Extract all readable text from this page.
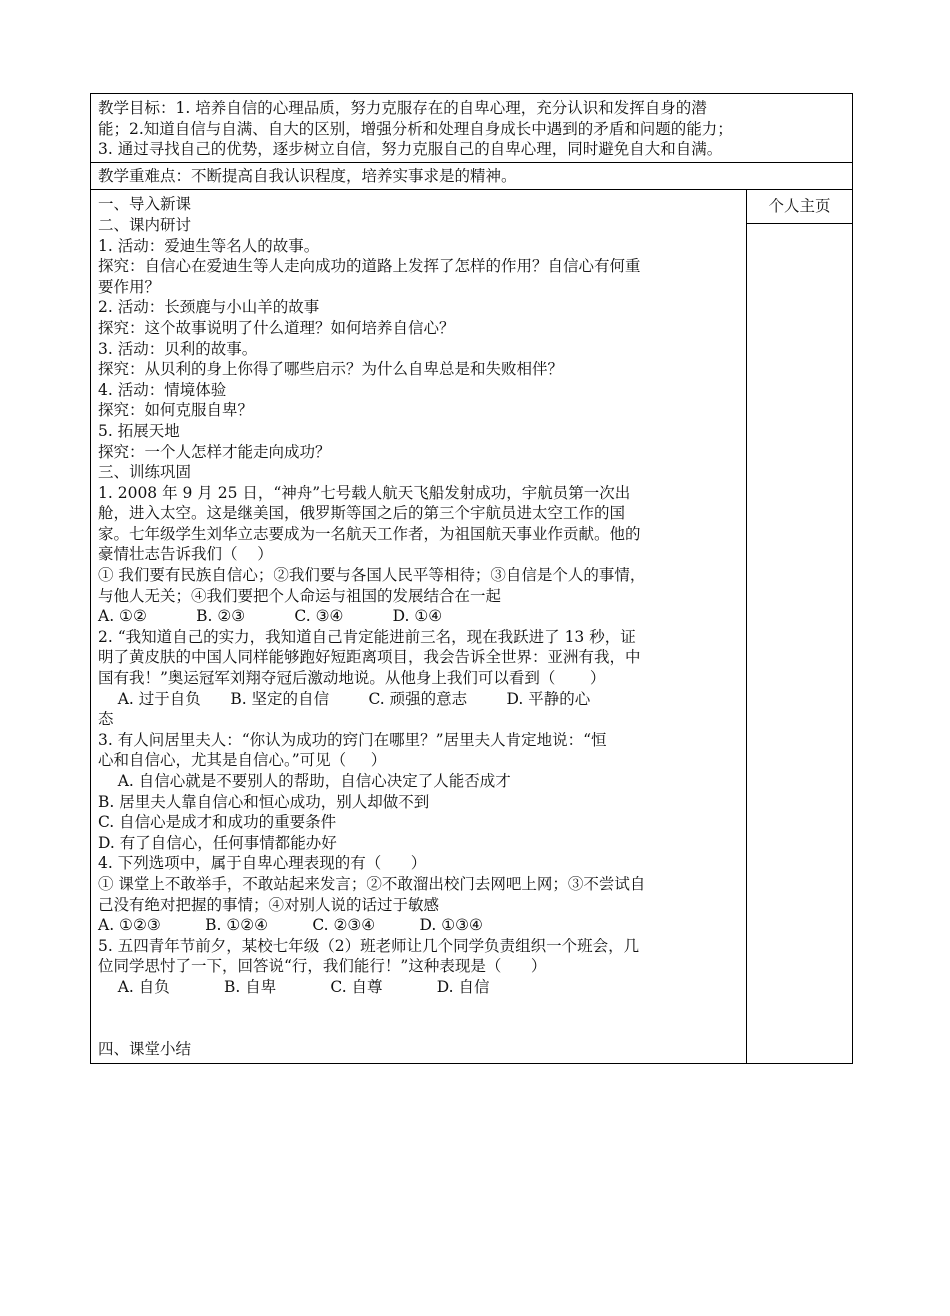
教学目标：1. 培养自信的心理品质，努力克服存在的自卑心理，充分认识和发挥自身的潜
能；2.知道自信与自满、自大的区别，增强分析和处理自身成长中遇到的矛盾和问题的能力；
3. 通过寻找自己的优势，逐步树立自信，努力克服自己的自卑心理，同时避免自大和自满。

教学重难点：不断提高自我认识程度，培养实事求是的精神。

一、导入新课
二、课内研讨
1. 活动：爱迪生等名人的故事。
探究：自信心在爱迪生等人走向成功的道路上发挥了怎样的作用？自信心有何重
要作用？
2. 活动：长颈鹿与小山羊的故事
探究：这个故事说明了什么道理？如何培养自信心？
3. 活动：贝利的故事。
探究：从贝利的身上你得了哪些启示？为什么自卑总是和失败相伴？
4. 活动：情境体验
探究：如何克服自卑？
5. 拓展天地
探究：一个人怎样才能走向成功？
三、训练巩固
1. 2008 年 9 月 25 日，“神舟”七号载人航天飞船发射成功，宇航员第一次出
舱，进入太空。这是继美国，俄罗斯等国之后的第三个宇航员进太空工作的国
家。七年级学生刘华立志要成为一名航天工作者，为祖国航天事业作贡献。他的
豪情壮志告诉我们（    ）
① 我们要有民族自信心；②我们要与各国人民平等相待；③自信是个人的事情，
与他人无关；④我们要把个人命运与祖国的发展结合在一起
A. ①②          B. ②③          C. ③④          D. ①④
2. “我知道自己的实力，我知道自己肯定能进前三名，现在我跃进了 13 秒，证
明了黄皮肤的中国人同样能够跑好短距离项目，我会告诉全世界：亚洲有我，中
国有我！”奥运冠军刘翔夺冠后激动地说。从他身上我们可以看到（       ）
A. 过于自负      B. 坚定的自信        C. 顽强的意志        D. 平静的心
态
3. 有人问居里夫人：“你认为成功的窍门在哪里？”居里夫人肯定地说：“恒
心和自信心，尤其是自信心。”可见（     ）
A. 自信心就是不要别人的帮助，自信心决定了人能否成才
B. 居里夫人靠自信心和恒心成功，别人却做不到
C. 自信心是成才和成功的重要条件
D. 有了自信心，任何事情都能办好
4. 下列选项中，属于自卑心理表现的有（      ）
① 课堂上不敢举手，不敢站起来发言；②不敢溜出校门去网吧上网；③不尝试自
己没有绝对把握的事情；④对别人说的话过于敏感
A. ①②③         B. ①②④         C. ②③④         D. ①③④
5. 五四青年节前夕，某校七年级（2）班老师让几个同学负责组织一个班会，几
位同学思忖了一下，回答说“行，我们能行！”这种表现是（      ）
A. 自负           B. 自卑           C. 自尊           D. 自信
四、课堂小结

个人主页
